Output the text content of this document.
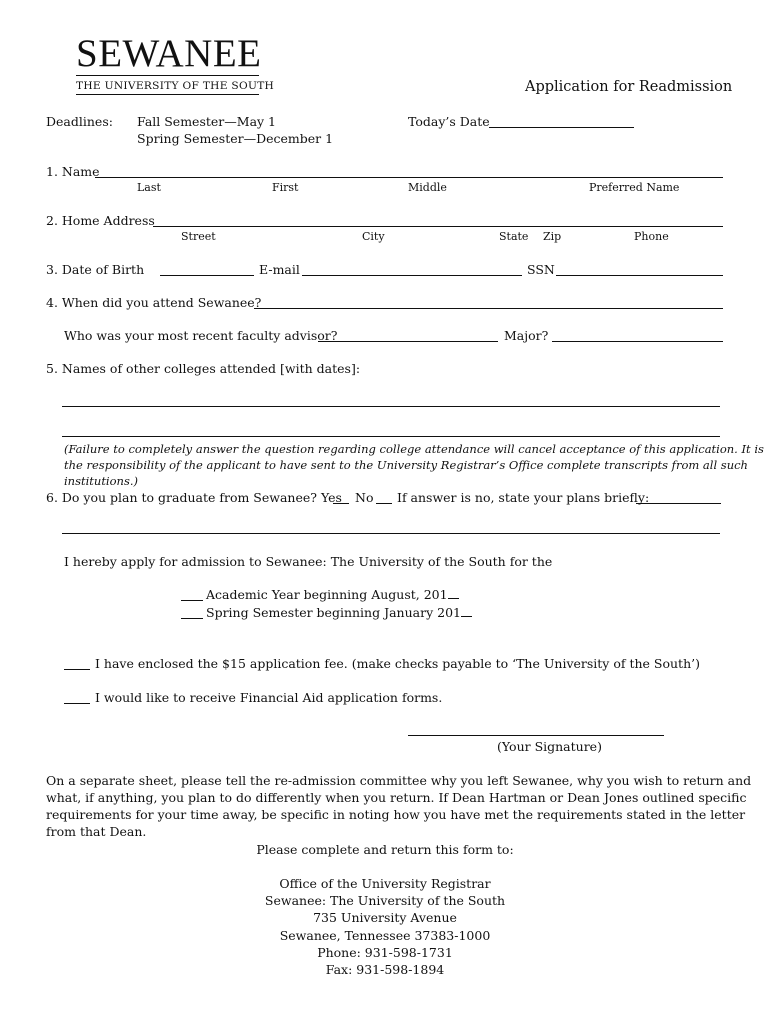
SEWANEE
THE UNIVERSITY OF THE SOUTH	Application for Readmission
Deadlines: Fall Semester—May 1
Spring Semester—December 1
Today’s Date
1. Name
Last	First	Middle	Preferred Name
2. Home Address
Street	City	State Zip	Phone
3. Date of Birth	E-mail	SSN
4. When did you attend Sewanee?
Who was your most recent faculty advisor?	Major?
5. Names of other colleges attended [with dates]:
(Failure to completely answer the question regarding college attendance will cancel acceptance of this application. It is
the responsibility of the applicant to have sent to the University Registrar’s Office complete transcripts from all such
institutions.)
6. Do you plan to graduate from Sewanee? Yes No If answer is no, state your plans briefly:
I hereby apply for admission to Sewanee: The University of the South for the
Academic Year beginning August, 201
Spring Semester beginning January 201
I have enclosed the $15 application fee. (make checks payable to ‘The University of the South’)
I would like to receive Financial Aid application forms.
(Your Signature)
On a separate sheet, please tell the re-admission committee why you left Sewanee, why you wish to return and
what, if anything, you plan to do differently when you return. If Dean Hartman or Dean Jones outlined specific
requirements for your time away, be specific in noting how you have met the requirements stated in the letter
from that Dean.
Please complete and return this form to:
Office of the University Registrar
Sewanee: The University of the South
735 University Avenue
Sewanee, Tennessee 37383-1000
Phone: 931-598-1731
Fax: 931-598-1894
